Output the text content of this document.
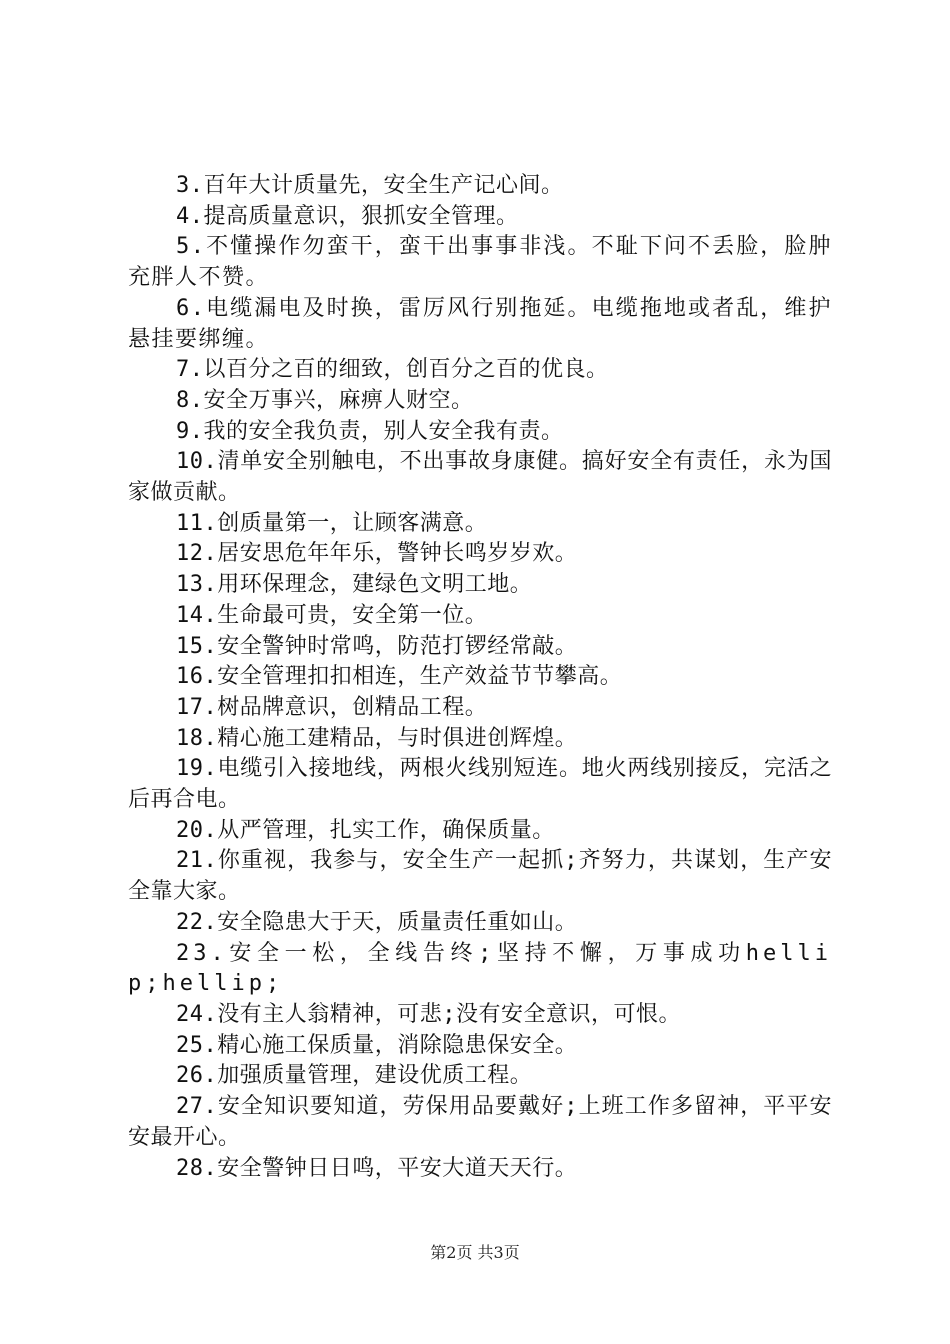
3.百年大计质量先，安全生产记心间。

4.提高质量意识，狠抓安全管理。

5.不懂操作勿蛮干，蛮干出事事非浅。不耻下问不丢脸，脸肿充胖人不赞。

6.电缆漏电及时换，雷厉风行别拖延。电缆拖地或者乱，维护悬挂要绑缠。

7.以百分之百的细致，创百分之百的优良。

8.安全万事兴，麻痹人财空。

9.我的安全我负责，别人安全我有责。

10.清单安全别触电，不出事故身康健。搞好安全有责任，永为国家做贡献。

11.创质量第一，让顾客满意。

12.居安思危年年乐，警钟长鸣岁岁欢。

13.用环保理念，建绿色文明工地。

14.生命最可贵，安全第一位。

15.安全警钟时常鸣，防范打锣经常敲。

16.安全管理扣扣相连，生产效益节节攀高。

17.树品牌意识，创精品工程。

18.精心施工建精品，与时俱进创辉煌。

19.电缆引入接地线，两根火线别短连。地火两线别接反，完活之后再合电。

20.从严管理，扎实工作，确保质量。

21.你重视，我参与，安全生产一起抓;齐努力，共谋划，生产安全靠大家。

22.安全隐患大于天，质量责任重如山。

23.安全一松，全线告终;坚持不懈，万事成功hellip;hellip;

24.没有主人翁精神，可悲;没有安全意识，可恨。

25.精心施工保质量，消除隐患保安全。

26.加强质量管理，建设优质工程。

27.安全知识要知道，劳保用品要戴好;上班工作多留神，平平安安最开心。

28.安全警钟日日鸣，平安大道天天行。

第2页 共3页
